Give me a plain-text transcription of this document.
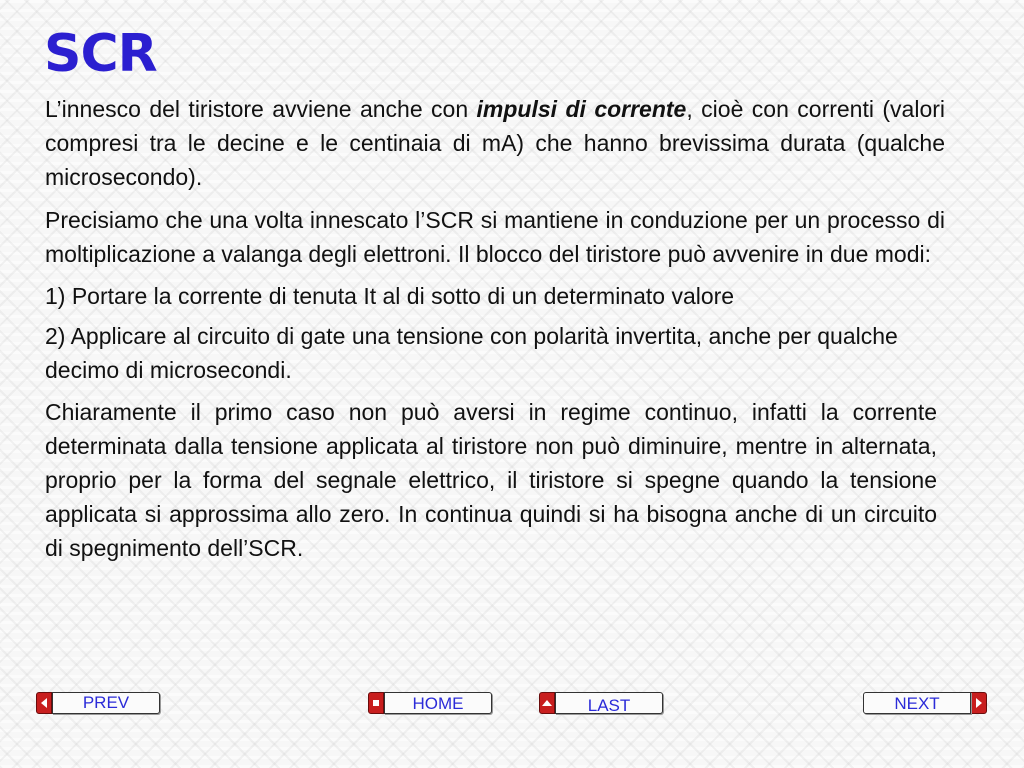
SCR

L’innesco del tiristore avviene anche con impulsi di corrente, cioè con correnti (valori compresi tra le decine e le centinaia di mA) che hanno brevissima durata (qualche microsecondo).

Precisiamo che una volta innescato l’SCR si mantiene in conduzione per un processo di moltiplicazione a valanga degli elettroni. Il blocco del tiristore può avvenire in due modi:

1) Portare la corrente di tenuta It al di sotto di un determinato valore

2) Applicare al circuito di gate una tensione con polarità invertita, anche per qualche decimo di microsecondi.

Chiaramente il primo caso non può aversi in regime continuo, infatti la corrente determinata dalla tensione applicata al tiristore non può diminuire, mentre in alternata, proprio per la forma del segnale elettrico, il tiristore si spegne quando la tensione applicata si approssima allo zero. In continua quindi si ha bisogna anche di un circuito di spegnimento dell’SCR.

PREV	HOME	LAST	NEXT
